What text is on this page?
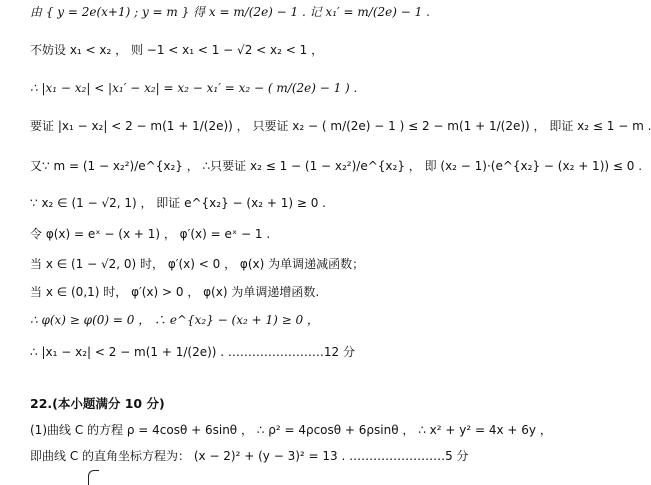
由 { y = 2e(x+1) ; y = m } 得 x = m/(2e) − 1 . 记 x₁′ = m/(2e) − 1 .
不妨设 x₁ < x₂ ， 则 −1 < x₁ < 1 − √2 < x₂ < 1 ，
∴ |x₁ − x₂| < |x₁′ − x₂| = x₂ − x₁′ = x₂ − ( m/(2e) − 1 ) .
要证 |x₁ − x₂| < 2 − m(1 + 1/(2e)) ， 只要证 x₂ − ( m/(2e) − 1 ) ≤ 2 − m(1 + 1/(2e)) ， 即证 x₂ ≤ 1 − m .
又∵ m = (1 − x₂²)/e^{x₂} ， ∴只要证 x₂ ≤ 1 − (1 − x₂²)/e^{x₂} ， 即 (x₂ − 1)·(e^{x₂} − (x₂ + 1)) ≤ 0 .
∵ x₂ ∈ (1 − √2, 1) ， 即证 e^{x₂} − (x₂ + 1) ≥ 0 .
令 φ(x) = eˣ − (x + 1) ， φ′(x) = eˣ − 1 .
当 x ∈ (1 − √2, 0) 时， φ′(x) < 0 ， φ(x) 为单调递减函数；
当 x ∈ (0,1) 时， φ′(x) > 0 ， φ(x) 为单调递增函数.
∴ φ(x) ≥ φ(0) = 0 ， ∴ e^{x₂} − (x₂ + 1) ≥ 0 ，
∴ |x₁ − x₂| < 2 − m(1 + 1/(2e)) . ……………………12 分
22.(本小题满分 10 分)
(1)曲线 C 的方程 ρ = 4cosθ + 6sinθ ， ∴ ρ² = 4ρcosθ + 6ρsinθ ， ∴ x² + y² = 4x + 6y ，
即曲线 C 的直角坐标方程为： (x − 2)² + (y − 3)² = 13 . ……………………5 分
